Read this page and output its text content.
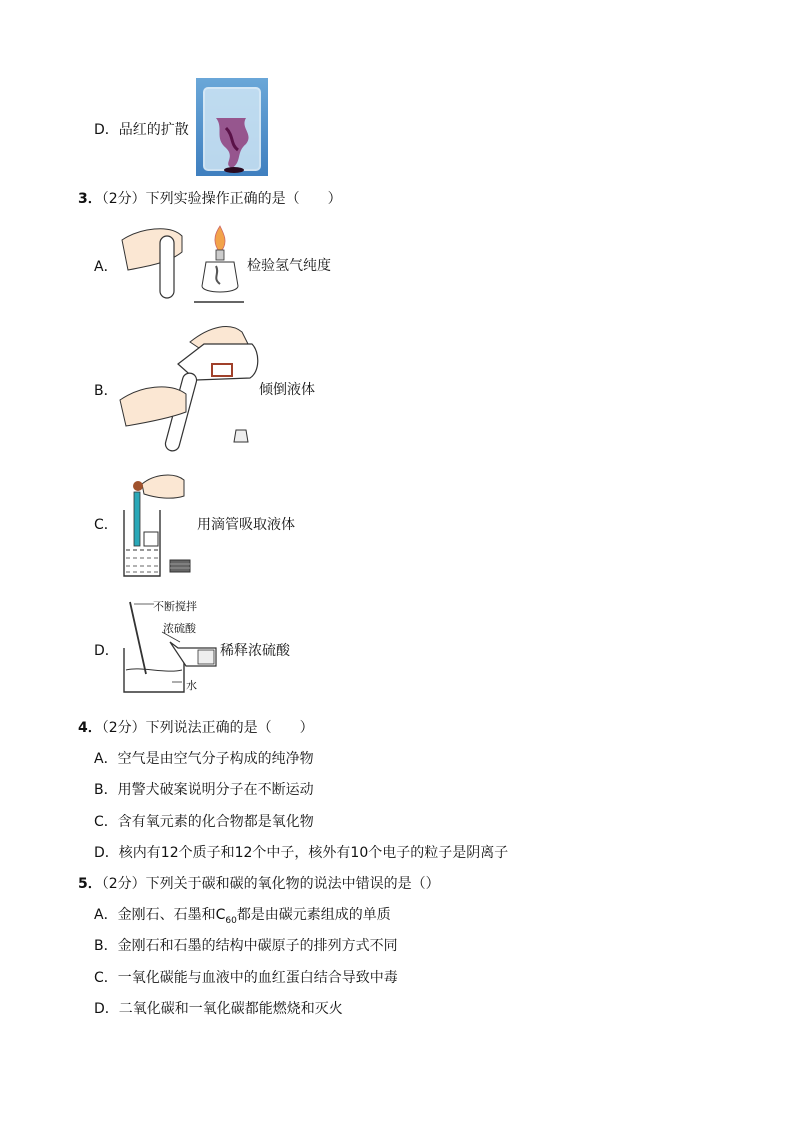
D．品红的扩散
3．（2分）下列实验操作正确的是（　　）
A．	检验氢气纯度
B．	倾倒液体
C．	用滴管吸取液体
D．
不断搅拌
浓硫酸
水
稀释浓硫酸
4．（2分）下列说法正确的是（　　）
A．空气是由空气分子构成的纯净物
B．用警犬破案说明分子在不断运动
C．含有氧元素的化合物都是氧化物
D．核内有12个质子和12个中子，核外有10个电子的粒子是阴离子
5．（2分）下列关于碳和碳的氧化物的说法中错误的是（）
A．金刚石、石墨和$C_{60}$都是由碳元素组成的单质
B．金刚石和石墨的结构中碳原子的排列方式不同
C．一氧化碳能与血液中的血红蛋白结合导致中毒
D．二氧化碳和一氧化碳都能燃烧和灭火
